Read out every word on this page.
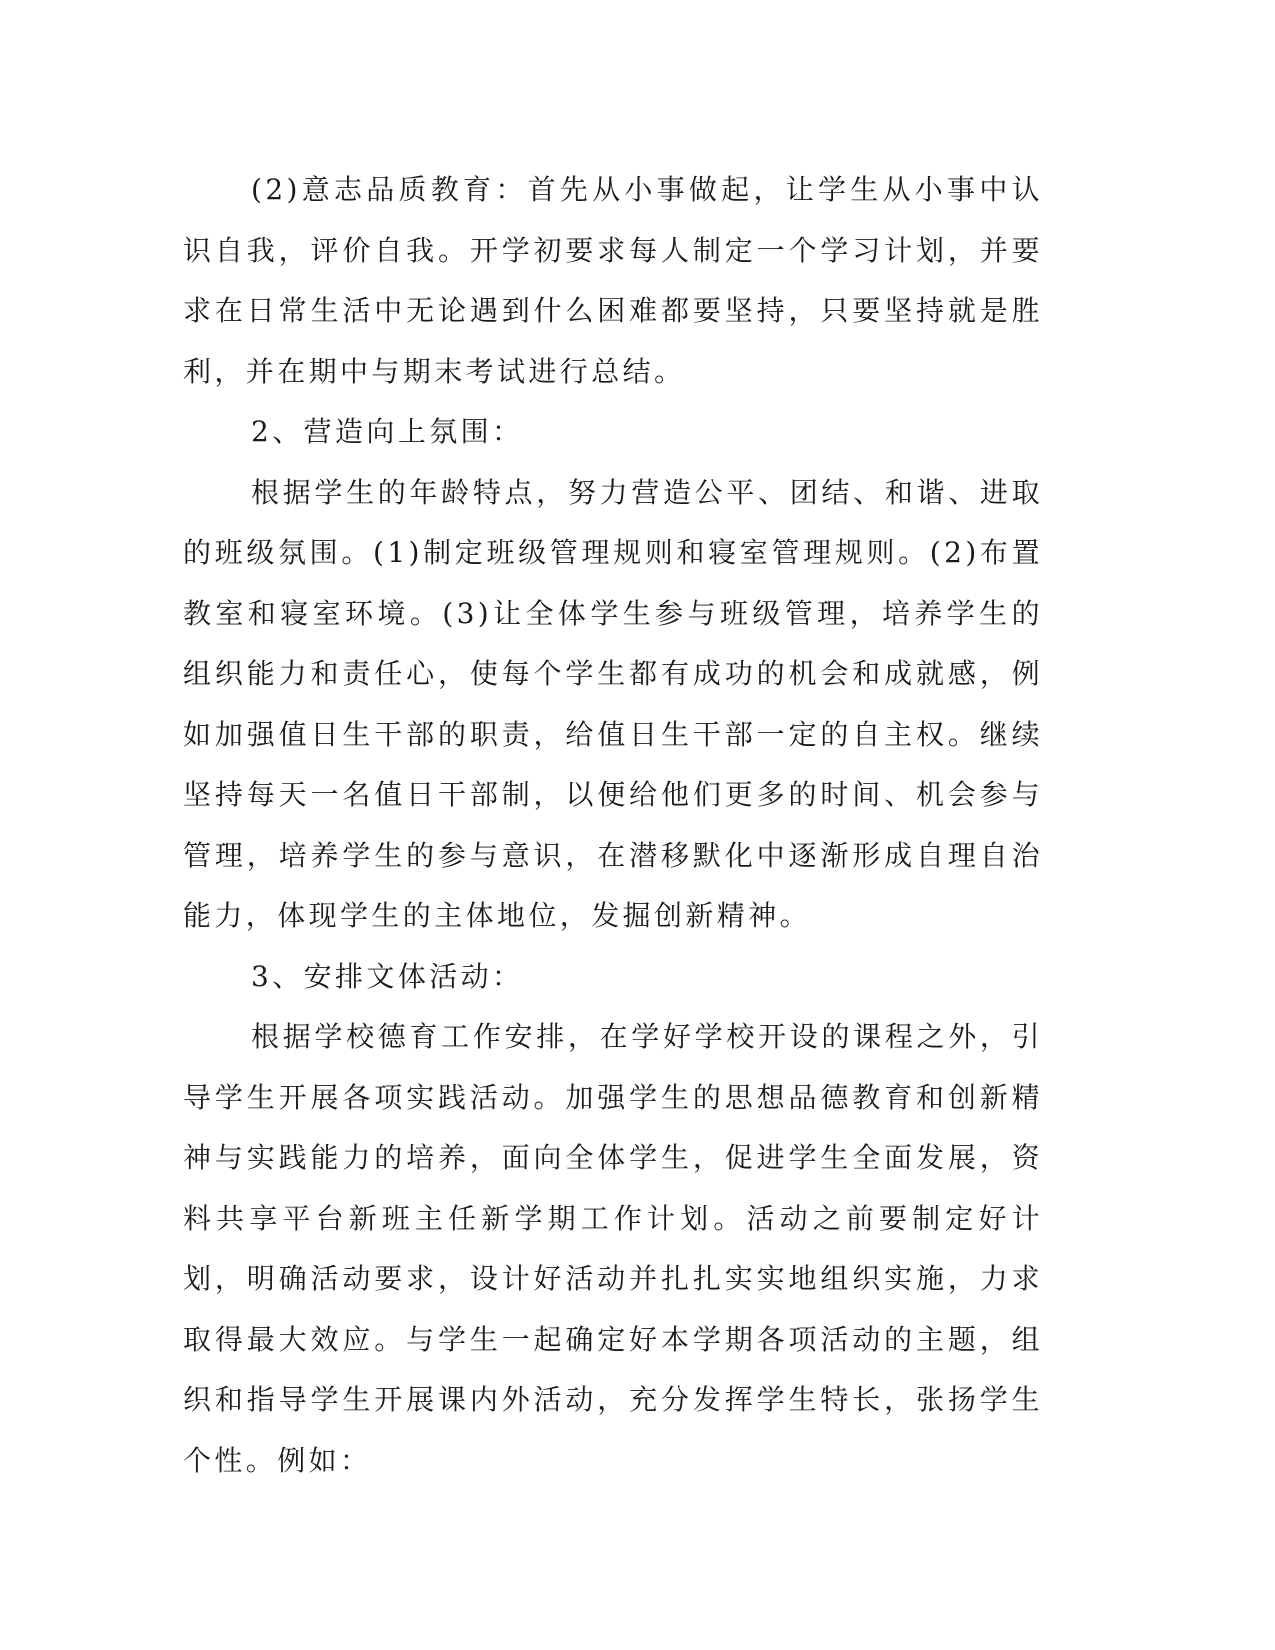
(2)意志品质教育：首先从小事做起，让学生从小事中认识自我，评价自我。开学初要求每人制定一个学习计划，并要求在日常生活中无论遇到什么困难都要坚持，只要坚持就是胜利，并在期中与期末考试进行总结。

2、营造向上氛围：

根据学生的年龄特点，努力营造公平、团结、和谐、进取的班级氛围。(1)制定班级管理规则和寝室管理规则。(2)布置教室和寝室环境。(3)让全体学生参与班级管理，培养学生的组织能力和责任心，使每个学生都有成功的机会和成就感，例如加强值日生干部的职责，给值日生干部一定的自主权。继续坚持每天一名值日干部制，以便给他们更多的时间、机会参与管理，培养学生的参与意识，在潜移默化中逐渐形成自理自治能力，体现学生的主体地位，发掘创新精神。

3、安排文体活动：

根据学校德育工作安排，在学好学校开设的课程之外，引导学生开展各项实践活动。加强学生的思想品德教育和创新精神与实践能力的培养，面向全体学生，促进学生全面发展，资料共享平台新班主任新学期工作计划。活动之前要制定好计划，明确活动要求，设计好活动并扎扎实实地组织实施，力求取得最大效应。与学生一起确定好本学期各项活动的主题，组织和指导学生开展课内外活动，充分发挥学生特长，张扬学生个性。例如：
